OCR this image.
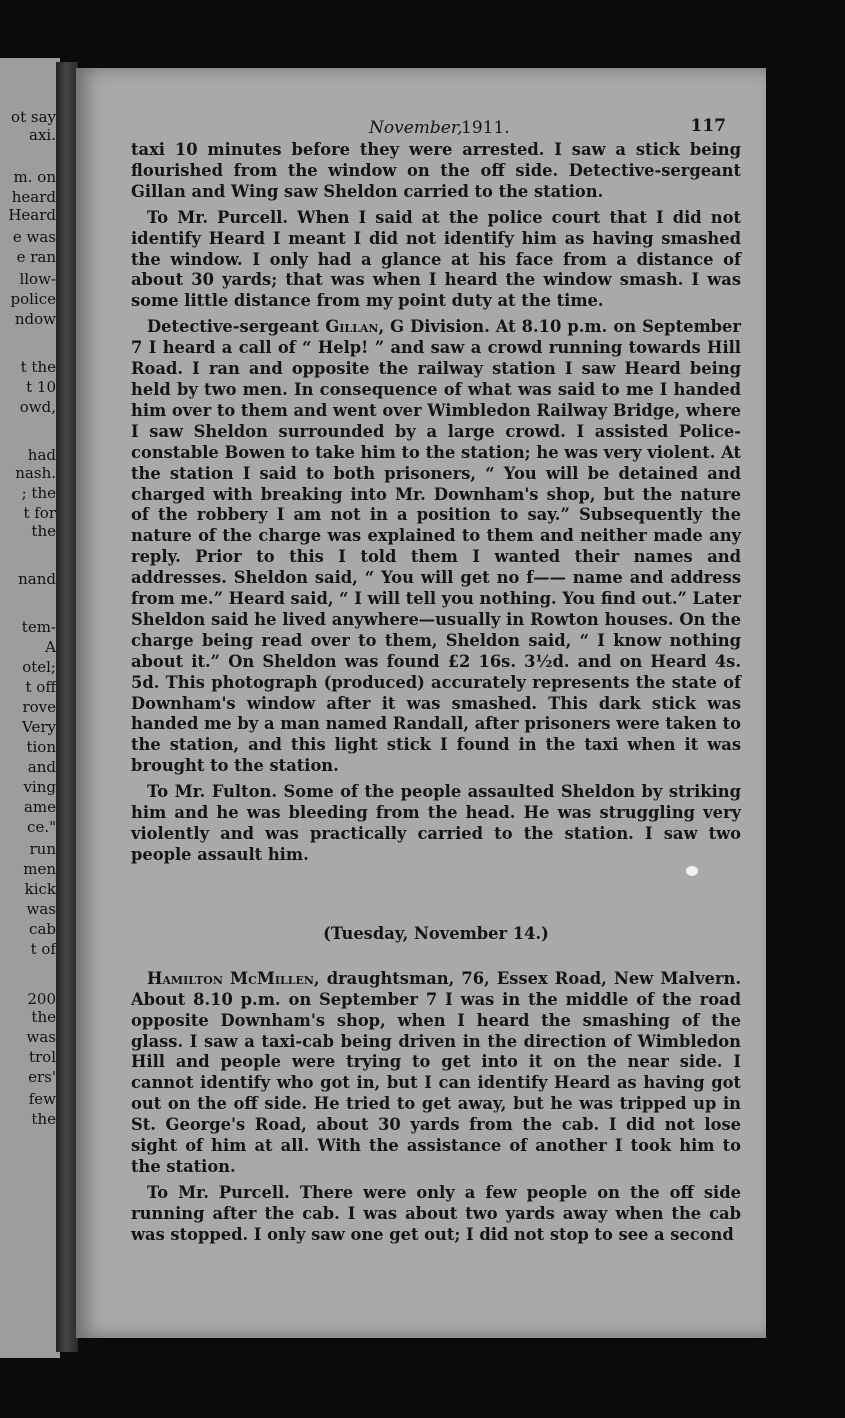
ot say
axi.
m. on
heard
Heard
e was
e ran
llow-
police
ndow
t the
t 10
owd,
had
nash.
; the
t for
the
nand
tem-
A
otel;
t off
rove
Very
tion
and
ving
ame
ce."
run
men
kick
was
cab
t of
200
the
was
trol
ers'
few
the
November,
1911.	117

taxi 10 minutes before they were arrested. I saw a stick being flourished from the window on the off side. Detective-sergeant Gillan and Wing saw Sheldon carried to the station.

To Mr. Purcell. When I said at the police court that I did not identify Heard I meant I did not identify him as having smashed the window. I only had a glance at his face from a distance of about 30 yards; that was when I heard the window smash. I was some little distance from my point duty at the time.

Detective-sergeant Gillan, G Division. At 8.10 p.m. on September 7 I heard a call of “ Help! ” and saw a crowd running towards Hill Road. I ran and opposite the railway station I saw Heard being held by two men. In consequence of what was said to me I handed him over to them and went over Wimbledon Railway Bridge, where I saw Sheldon surrounded by a large crowd. I assisted Police-constable Bowen to take him to the station; he was very violent. At the station I said to both prisoners, “ You will be detained and charged with breaking into Mr. Downham's shop, but the nature of the robbery I am not in a position to say.” Subsequently the nature of the charge was explained to them and neither made any reply. Prior to this I told them I wanted their names and addresses. Sheldon said, “ You will get no f—— name and address from me.” Heard said, “ I will tell you nothing. You find out.” Later Sheldon said he lived anywhere—usually in Rowton houses. On the charge being read over to them, Sheldon said, “ I know nothing about it.” On Sheldon was found £2 16s. 3½d. and on Heard 4s. 5d. This photograph (produced) accurately represents the state of Downham's window after it was smashed. This dark stick was handed me by a man named Randall, after prisoners were taken to the station, and this light stick I found in the taxi when it was brought to the station.

To Mr. Fulton. Some of the people assaulted Sheldon by striking him and he was bleeding from the head. He was struggling very violently and was practically carried to the station. I saw two people assault him.

(Tuesday, November 14.)

Hamilton McMillen, draughtsman, 76, Essex Road, New Malvern. About 8.10 p.m. on September 7 I was in the middle of the road opposite Downham's shop, when I heard the smashing of the glass. I saw a taxi-cab being driven in the direction of Wimbledon Hill and people were trying to get into it on the near side. I cannot identify who got in, but I can identify Heard as having got out on the off side. He tried to get away, but he was tripped up in St. George's Road, about 30 yards from the cab. I did not lose sight of him at all. With the assistance of another I took him to the station.

To Mr. Purcell. There were only a few people on the off side running after the cab. I was about two yards away when the cab was stopped. I only saw one get out; I did not stop to see a second
